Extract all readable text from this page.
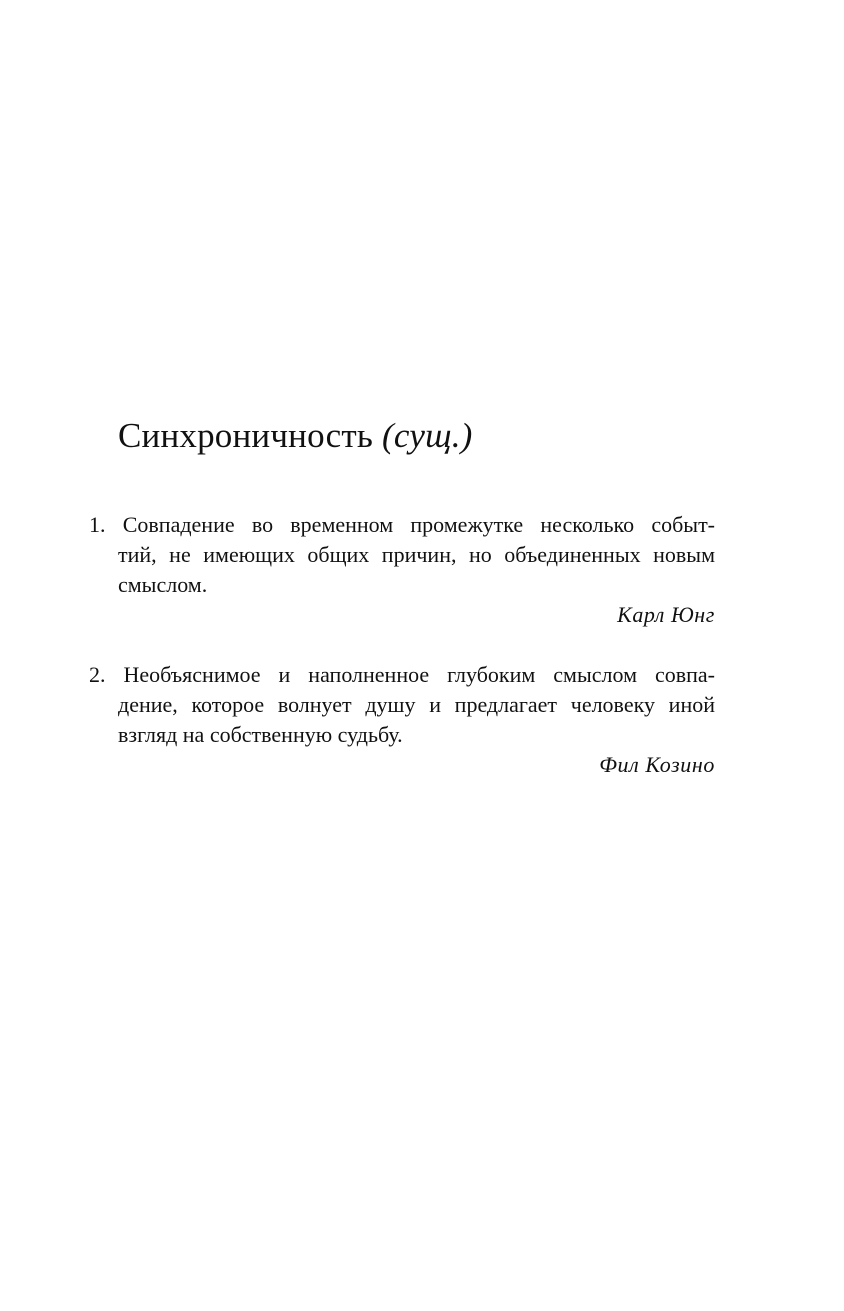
Синхроничность (сущ.)
1. Совпадение во временном промежутке несколько событ-
тий, не имеющих общих причин, но объединенных новым
смыслом.
Карл Юнг
2. Необъяснимое и наполненное глубоким смыслом совпа-
дение, которое волнует душу и предлагает человеку иной
взгляд на собственную судьбу.
Фил Козино
